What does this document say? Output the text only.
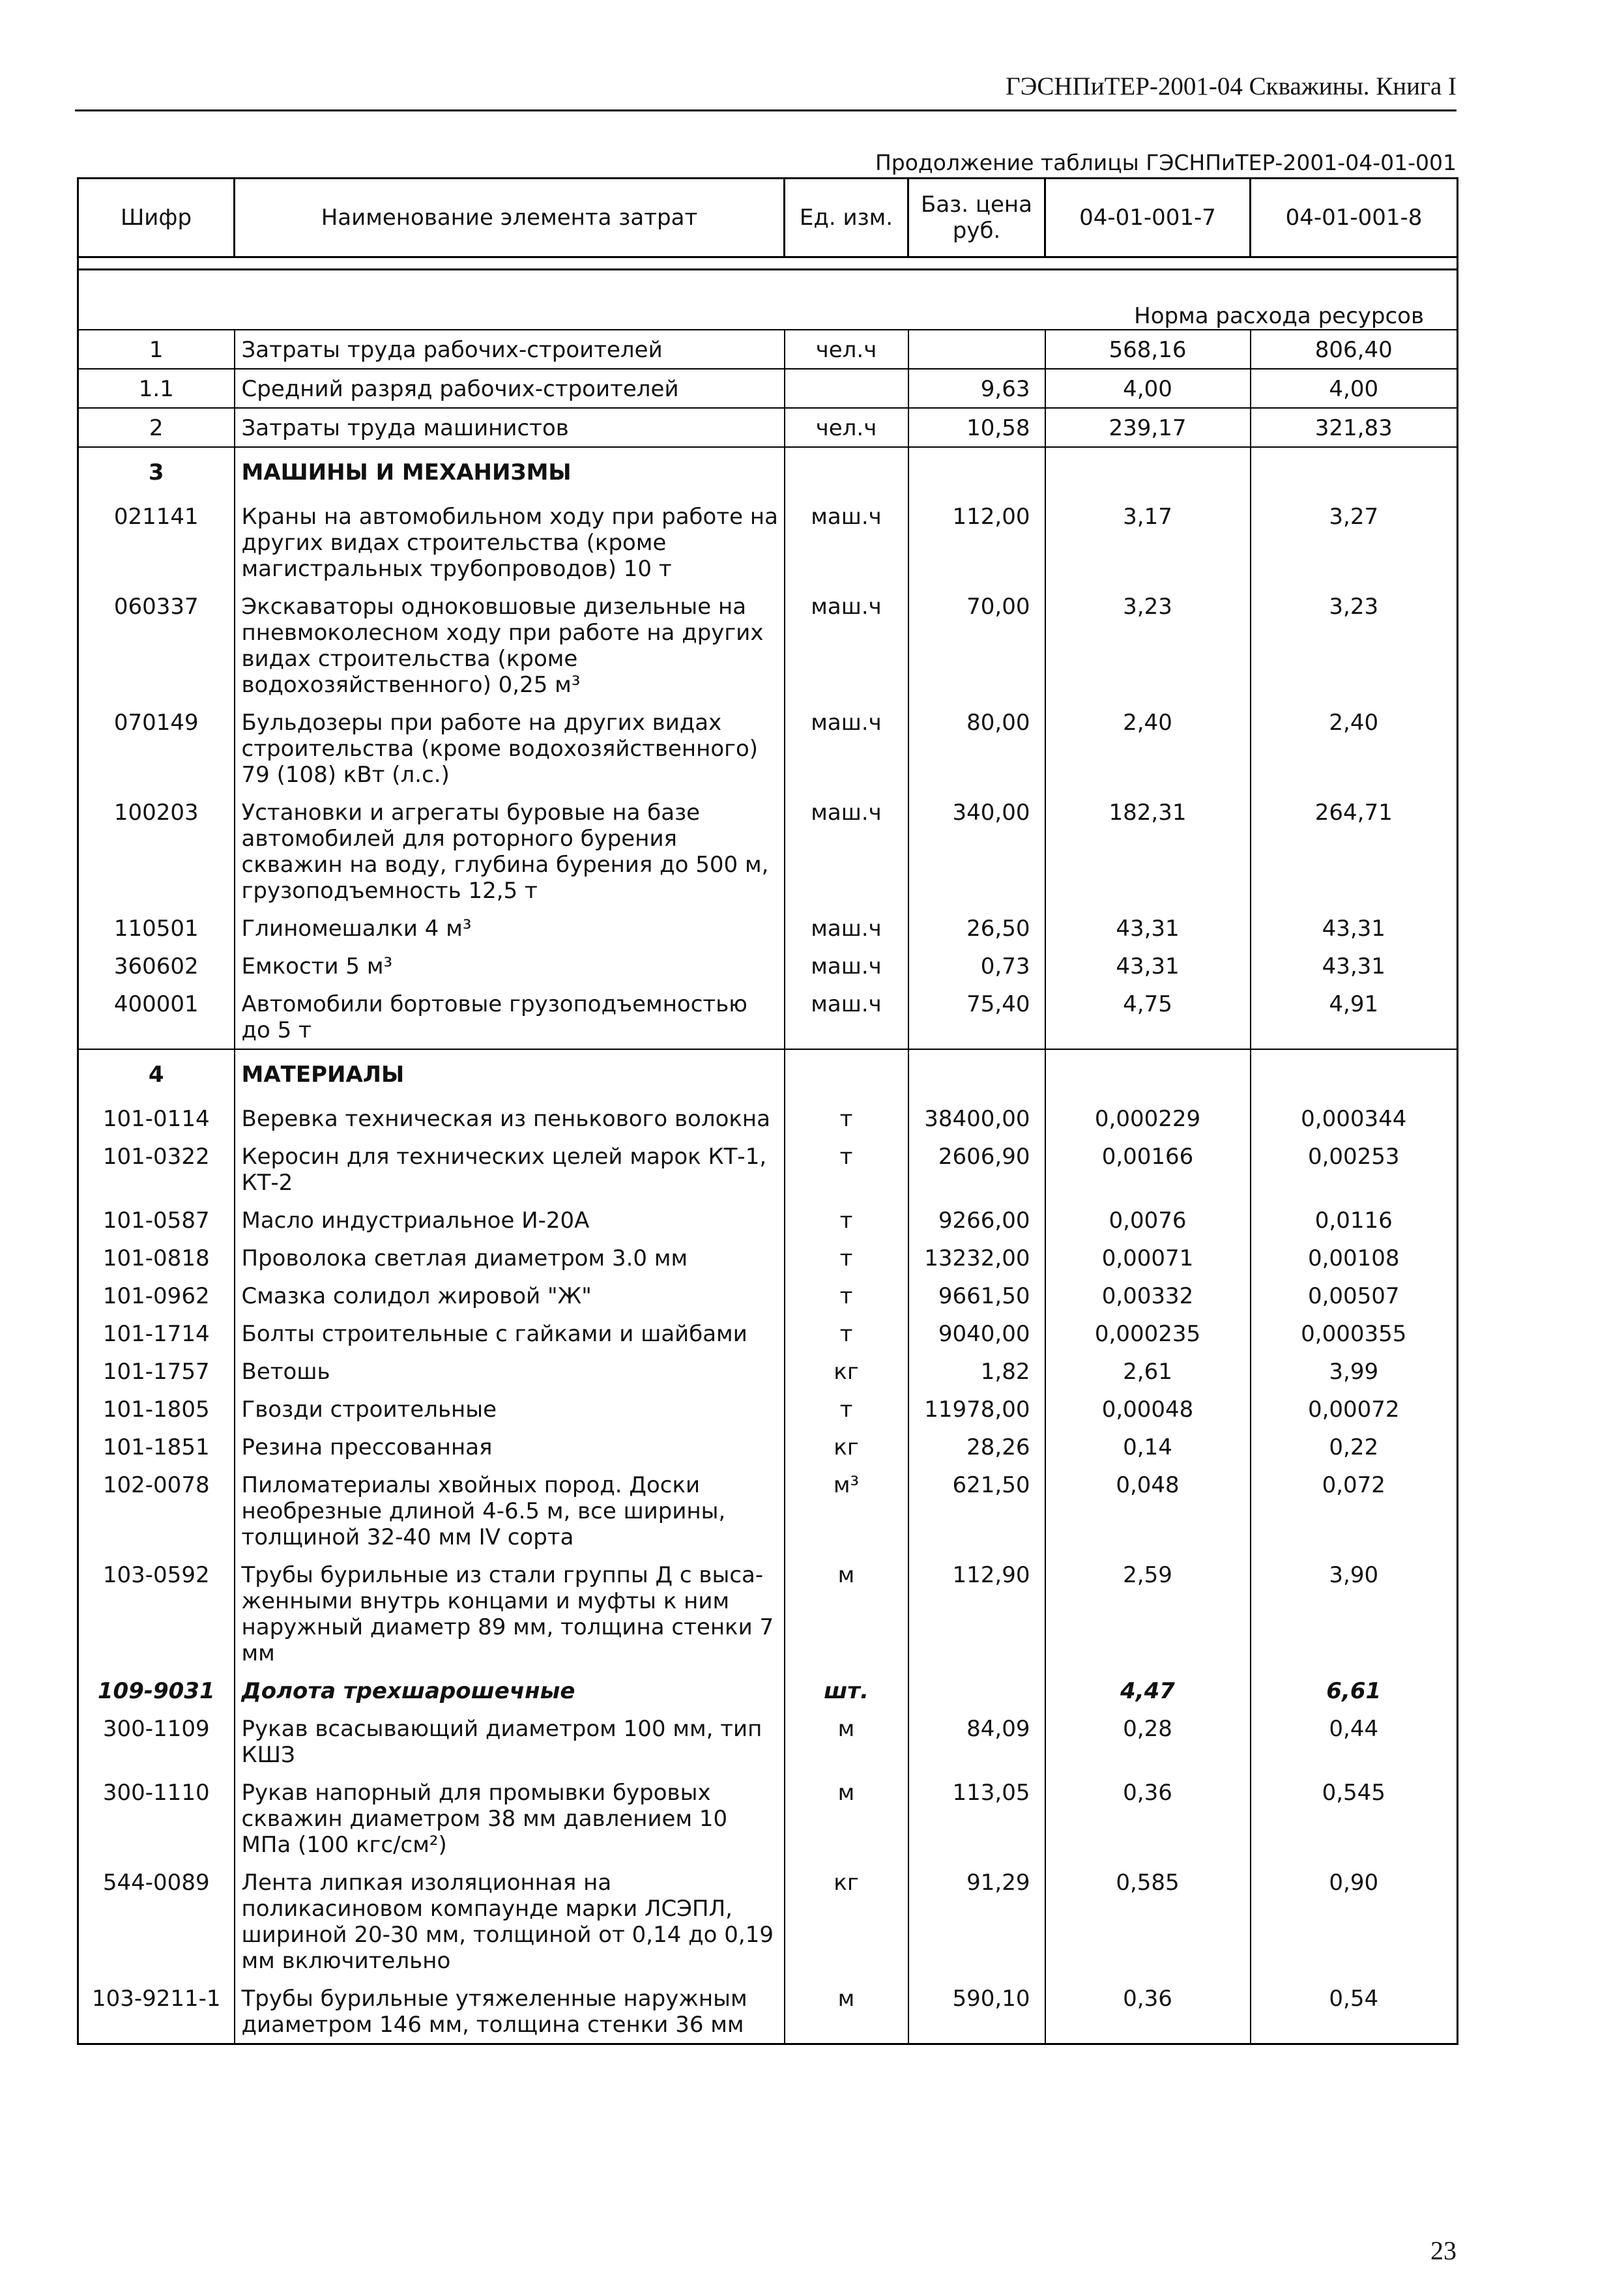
ГЭСНПиТЕР-2001-04 Скважины. Книга I
Продолжение таблицы ГЭСНПиТЕР-2001-04-01-001
Шифр	Наименование элемента затрат	Ед. изм.	Баз. цена руб.	04-01-001-7	04-01-001-8

Норма расхода ресурсов					
1	Затраты труда рабочих-строителей	чел.ч		568,16	806,40
1.1	Средний разряд рабочих-строителей		9,63	4,00	4,00
2	Затраты труда машинистов	чел.ч	10,58	239,17	321,83
3	МАШИНЫ И МЕХАНИЗМЫ				
021141	Краны на автомобильном ходу при работе на других видах строительства (кроме магистральных трубопроводов) 10 т	маш.ч	112,00	3,17	3,27
060337	Экскаваторы одноковшовые дизельные на пневмоколесном ходу при работе на других видах строительства (кроме водохозяйственного) 0,25 м³	маш.ч	70,00	3,23	3,23
070149	Бульдозеры при работе на других видах строительства (кроме водохозяйственного) 79 (108) кВт (л.с.)	маш.ч	80,00	2,40	2,40
100203	Установки и агрегаты буровые на базе автомобилей для роторного бурения скважин на воду, глубина бурения до 500 м, грузоподъемность 12,5 т	маш.ч	340,00	182,31	264,71
110501	Глиномешалки 4 м³	маш.ч	26,50	43,31	43,31
360602	Емкости 5 м³	маш.ч	0,73	43,31	43,31
400001	Автомобили бортовые грузоподъемностью до 5 т	маш.ч	75,40	4,75	4,91
4	МАТЕРИАЛЫ				
101-0114	Веревка техническая из пенькового волокна	т	38400,00	0,000229	0,000344
101-0322	Керосин для технических целей марок КТ-1, КТ-2	т	2606,90	0,00166	0,00253
101-0587	Масло индустриальное И-20А	т	9266,00	0,0076	0,0116
101-0818	Проволока светлая диаметром 3.0 мм	т	13232,00	0,00071	0,00108
101-0962	Смазка солидол жировой "Ж"	т	9661,50	0,00332	0,00507
101-1714	Болты строительные с гайками и шайбами	т	9040,00	0,000235	0,000355
101-1757	Ветошь	кг	1,82	2,61	3,99
101-1805	Гвозди строительные	т	11978,00	0,00048	0,00072
101-1851	Резина прессованная	кг	28,26	0,14	0,22
102-0078	Пиломатериалы хвойных пород. Доски необрезные длиной 4-6.5 м, все ширины, толщиной 32-40 мм IV сорта	м³	621,50	0,048	0,072
103-0592	Трубы бурильные из стали группы Д с выса-женными внутрь концами и муфты к ним наружный диаметр 89 мм, толщина стенки 7 мм	м	112,90	2,59	3,90
109-9031	Долота трехшарошечные	шт.		4,47	6,61
300-1109	Рукав всасывающий диаметром 100 мм, тип КШЗ	м	84,09	0,28	0,44
300-1110	Рукав напорный для промывки буровых скважин диаметром 38 мм давлением 10 МПа (100 кгс/см²)	м	113,05	0,36	0,545
544-0089	Лента липкая изоляционная на поликасиновом компаунде марки ЛСЭПЛ, шириной 20-30 мм, толщиной от 0,14 до 0,19 мм включительно	кг	91,29	0,585	0,90
103-9211-1	Трубы бурильные утяжеленные наружным диаметром 146 мм, толщина стенки 36 мм	м	590,10	0,36	0,54
23
